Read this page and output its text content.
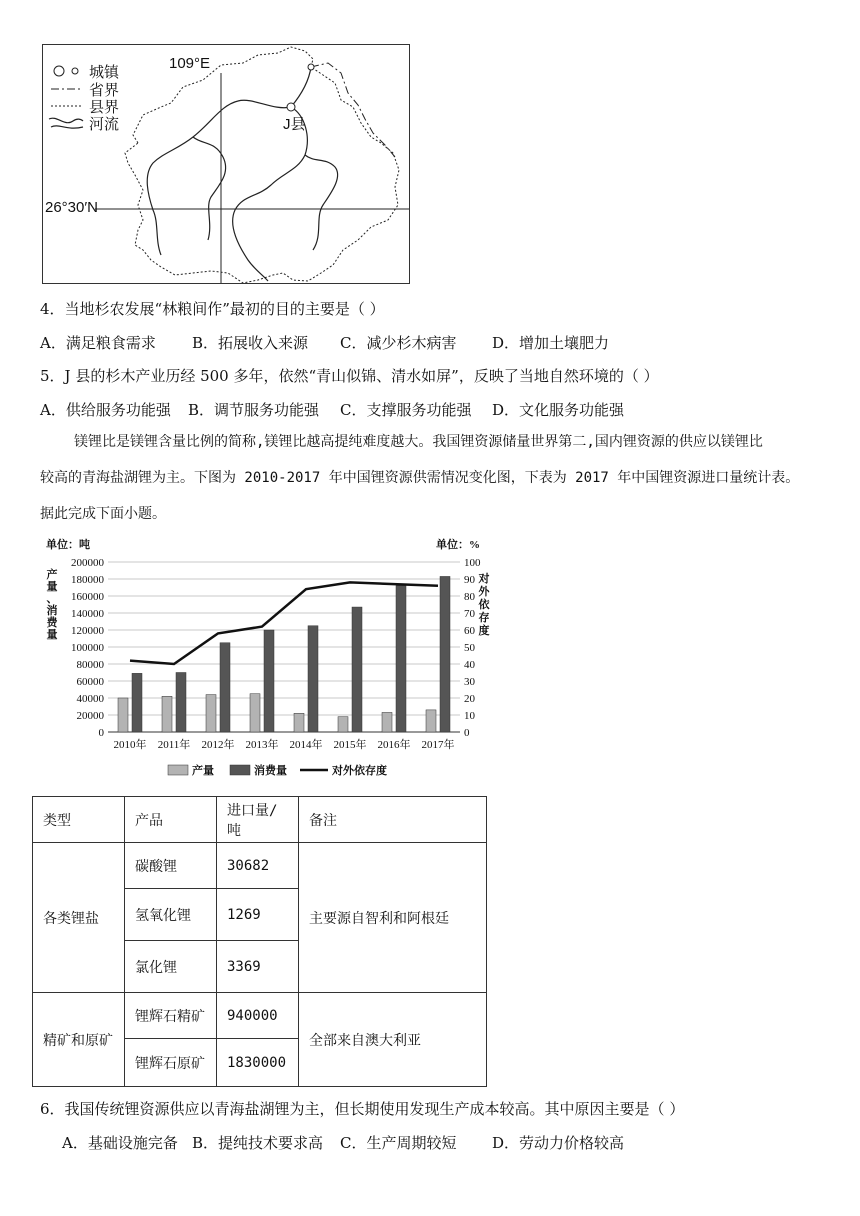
城镇
省界
县界
河流
109°E
26°30′N
J县
4．当地杉农发展“林粮间作”最初的目的主要是（ ）
A．满足粮食需求 B．拓展收入来源 C．减少杉木病害 D．增加土壤肥力
5．J 县的杉木产业历经 500 多年，依然“青山似锦、清水如屏”，反映了当地自然环境的（ ）
A．供给服务功能强 B．调节服务功能强 C．支撑服务功能强 D．文化服务功能强
镁锂比是镁锂含量比例的简称,镁锂比越高提纯难度越大。我国锂资源储量世界第二,国内锂资源的供应以镁锂比
较高的青海盐湖锂为主。下图为 2010-2017 年中国锂资源供需情况变化图，下表为 2017 年中国锂资源进口量统计表。
据此完成下面小题。
单位：吨	单位：%
0
20000
40000
60000
80000
100000
120000
140000
160000
180000
200000
0
10
20
30
40
50
60
70
80
90
100
产
量
、
消
费
量
对
外
依
存
度
2010年 2011年 2012年 2013年 2014年 2015年 2016年 2017年
产量	消费量	对外依存度
类型	产品	进口量/吨	备注
各类锂盐	碳酸锂	30682	主要源自智利和阿根廷
	氢氧化锂	1269	
	氯化锂	3369	
精矿和原矿	锂辉石精矿	940000	全部来自澳大利亚
	锂辉石原矿	1830000	
6．我国传统锂资源供应以青海盐湖锂为主，但长期使用发现生产成本较高。其中原因主要是（ ）
A．基础设施完备 B．提纯技术要求高 C．生产周期较短 D．劳动力价格较高
